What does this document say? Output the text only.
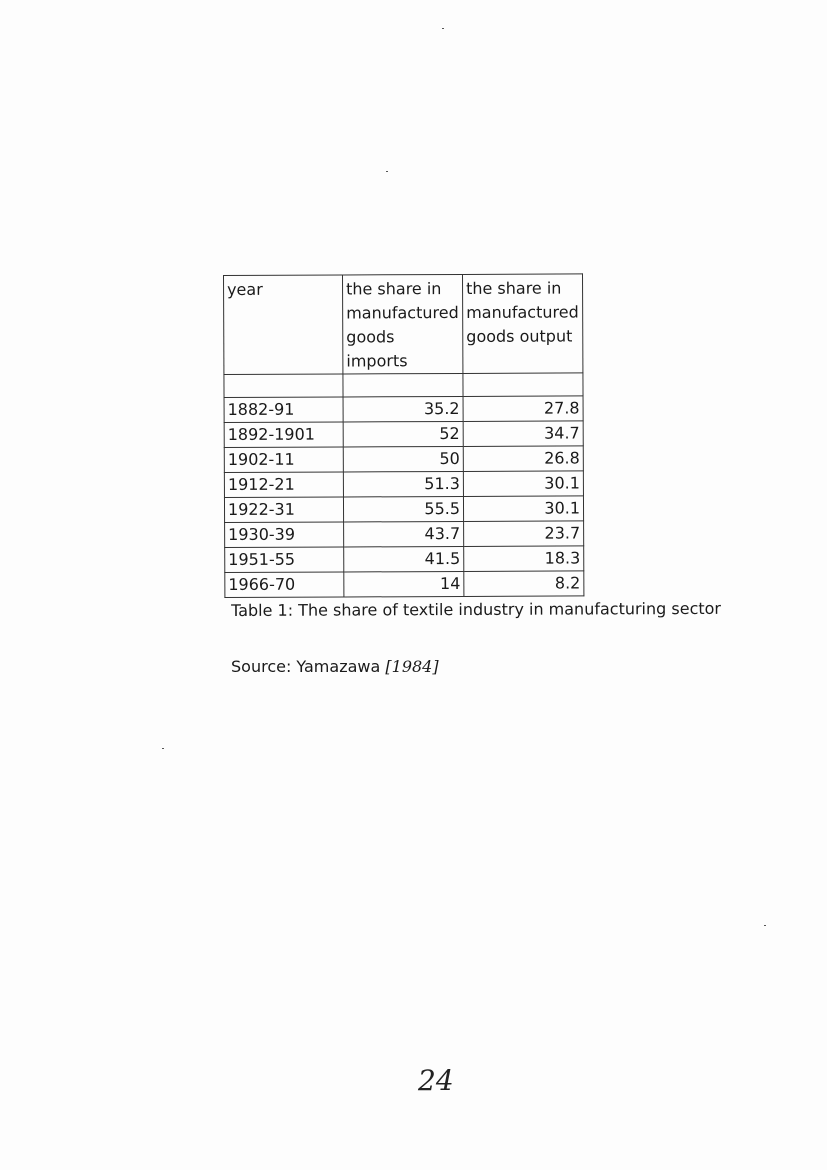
year	the share in manufactured goods imports	the share in manufactured goods output

1882-91	35.2	27.8
1892-1901	52	34.7
1902-11	50	26.8
1912-21	51.3	30.1
1922-31	55.5	30.1
1930-39	43.7	23.7
1951-55	41.5	18.3
1966-70	14	8.2
Table 1: The share of textile industry in manufacturing sector
Source: Yamazawa [1984]
24
